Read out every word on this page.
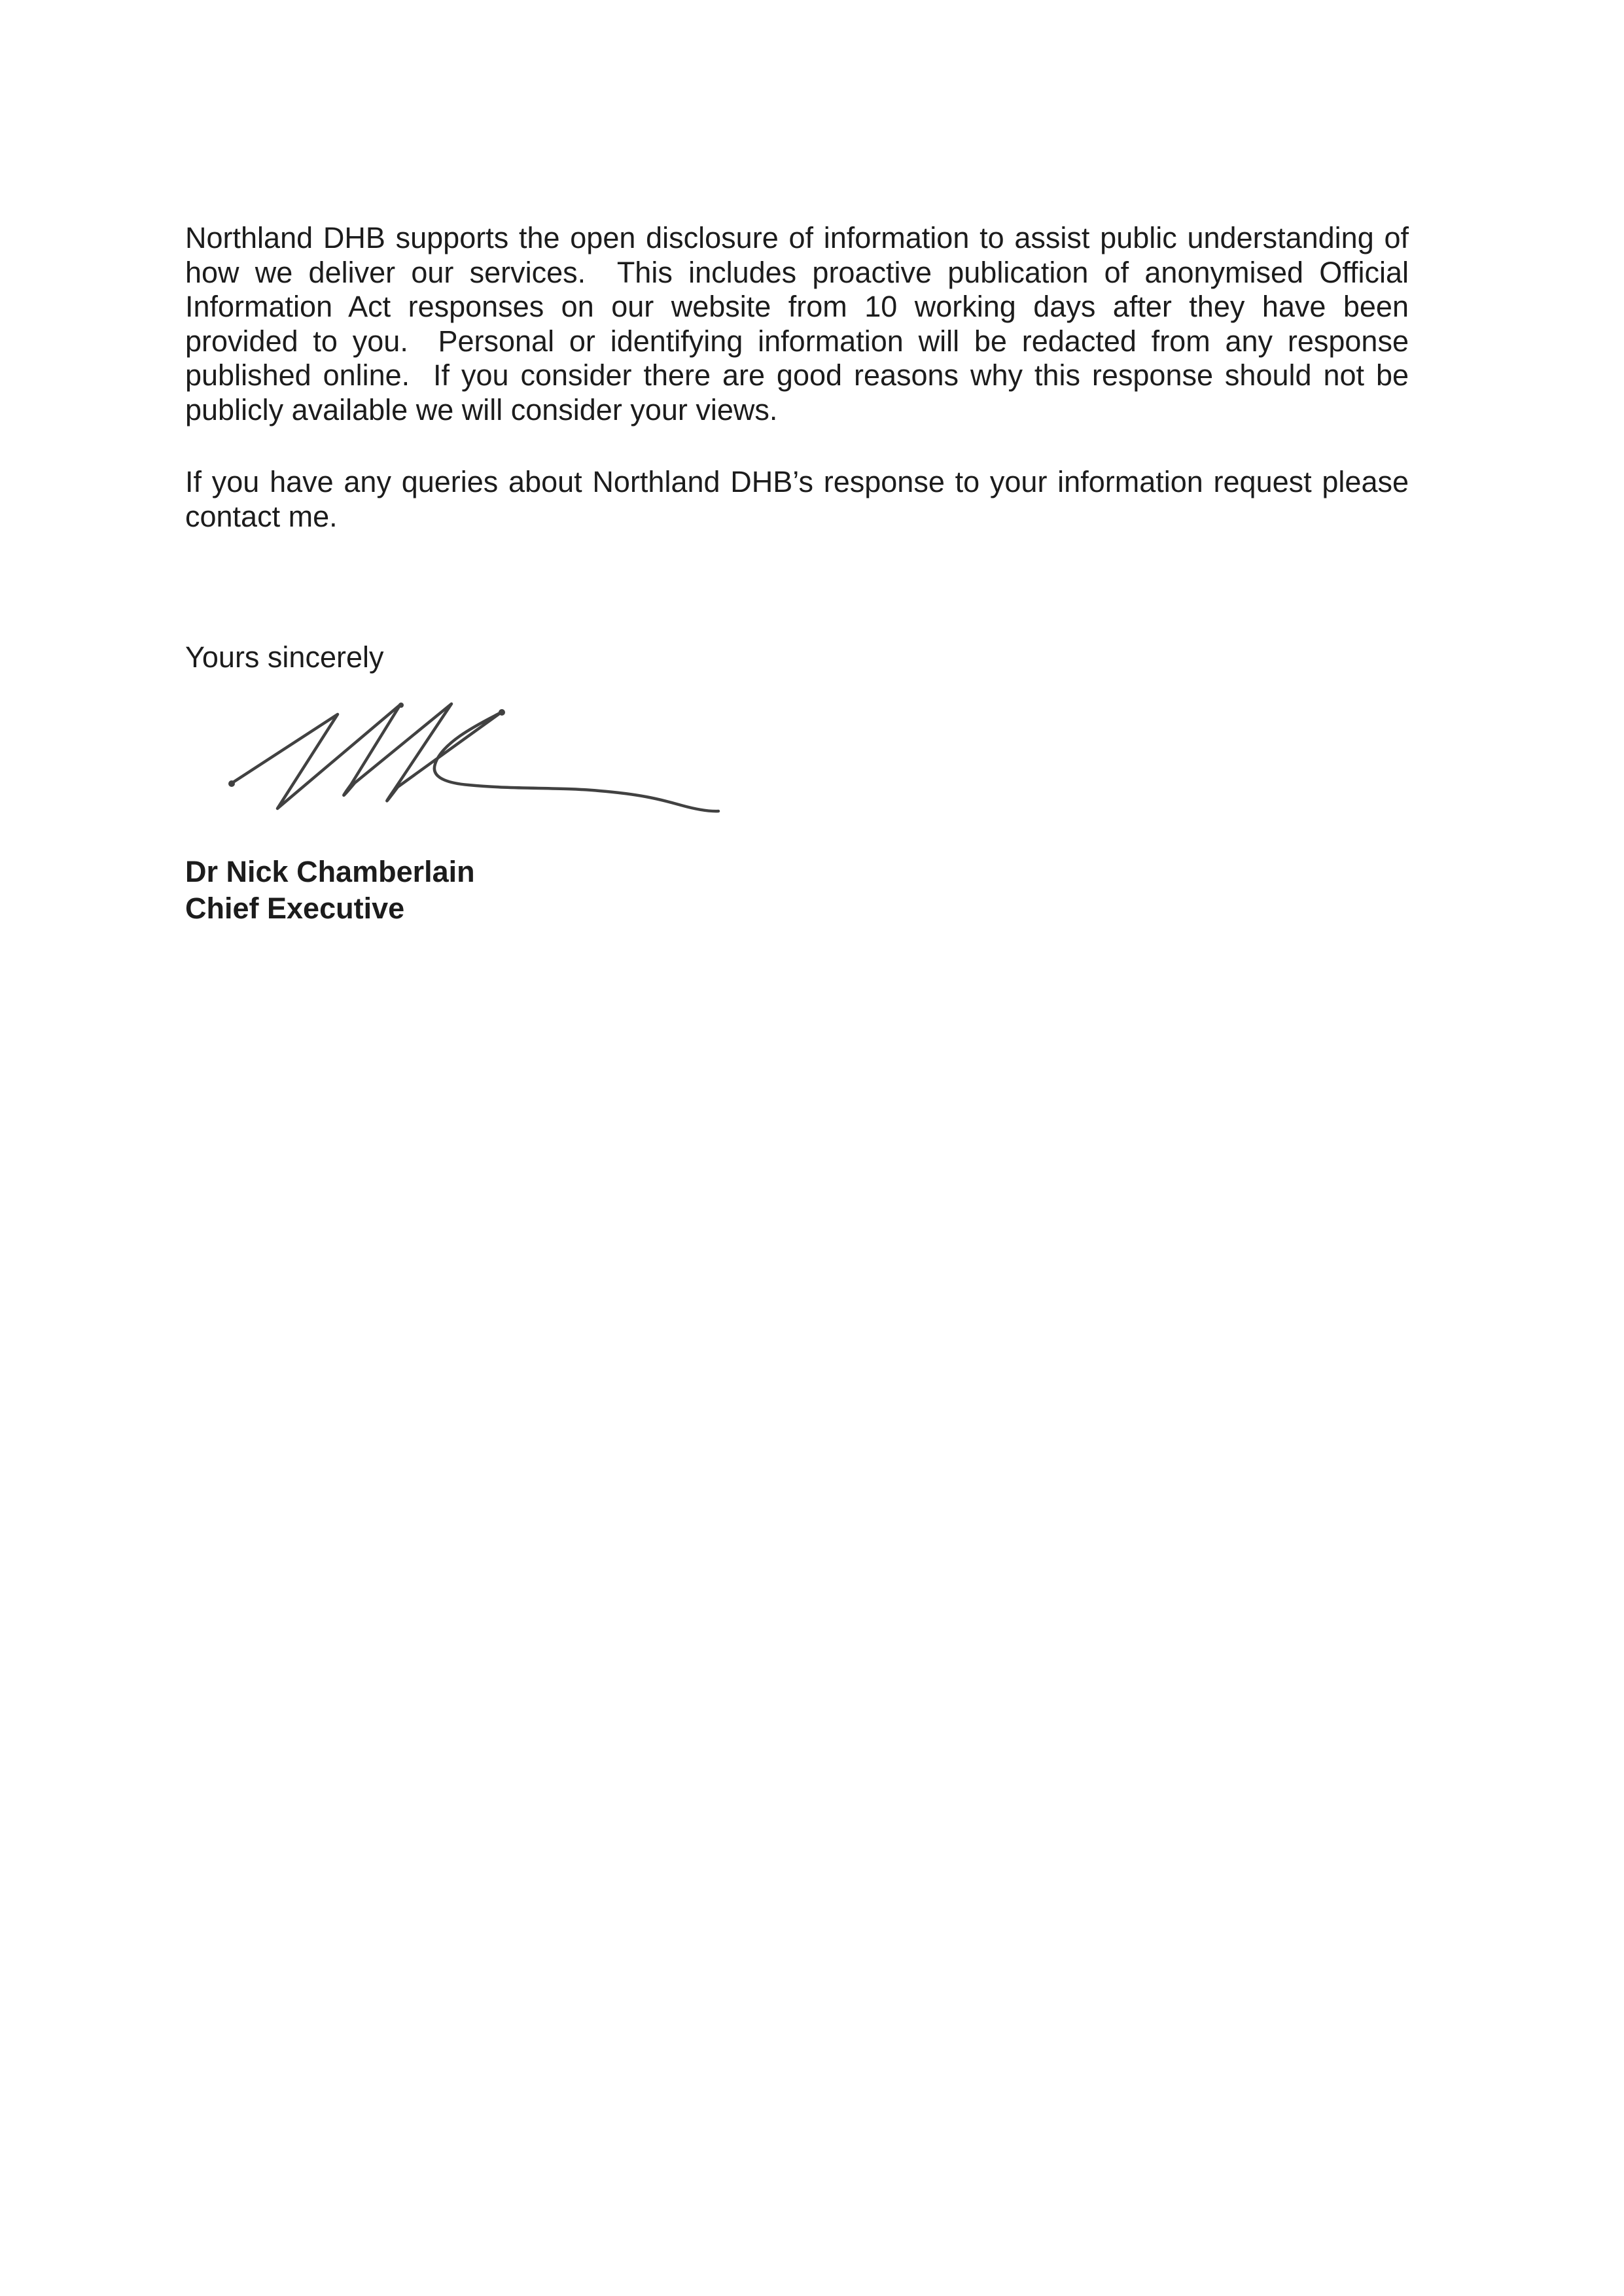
Northland DHB supports the open disclosure of information to assist public understanding of
how we deliver our services.  This includes proactive publication of anonymised Official
Information Act responses on our website from 10 working days after they have been
provided to you.  Personal or identifying information will be redacted from any response
published online.  If you consider there are good reasons why this response should not be
publicly available we will consider your views.
If you have any queries about Northland DHB’s response to your information request please
contact me.
Yours sincerely
Dr Nick Chamberlain
Chief Executive
